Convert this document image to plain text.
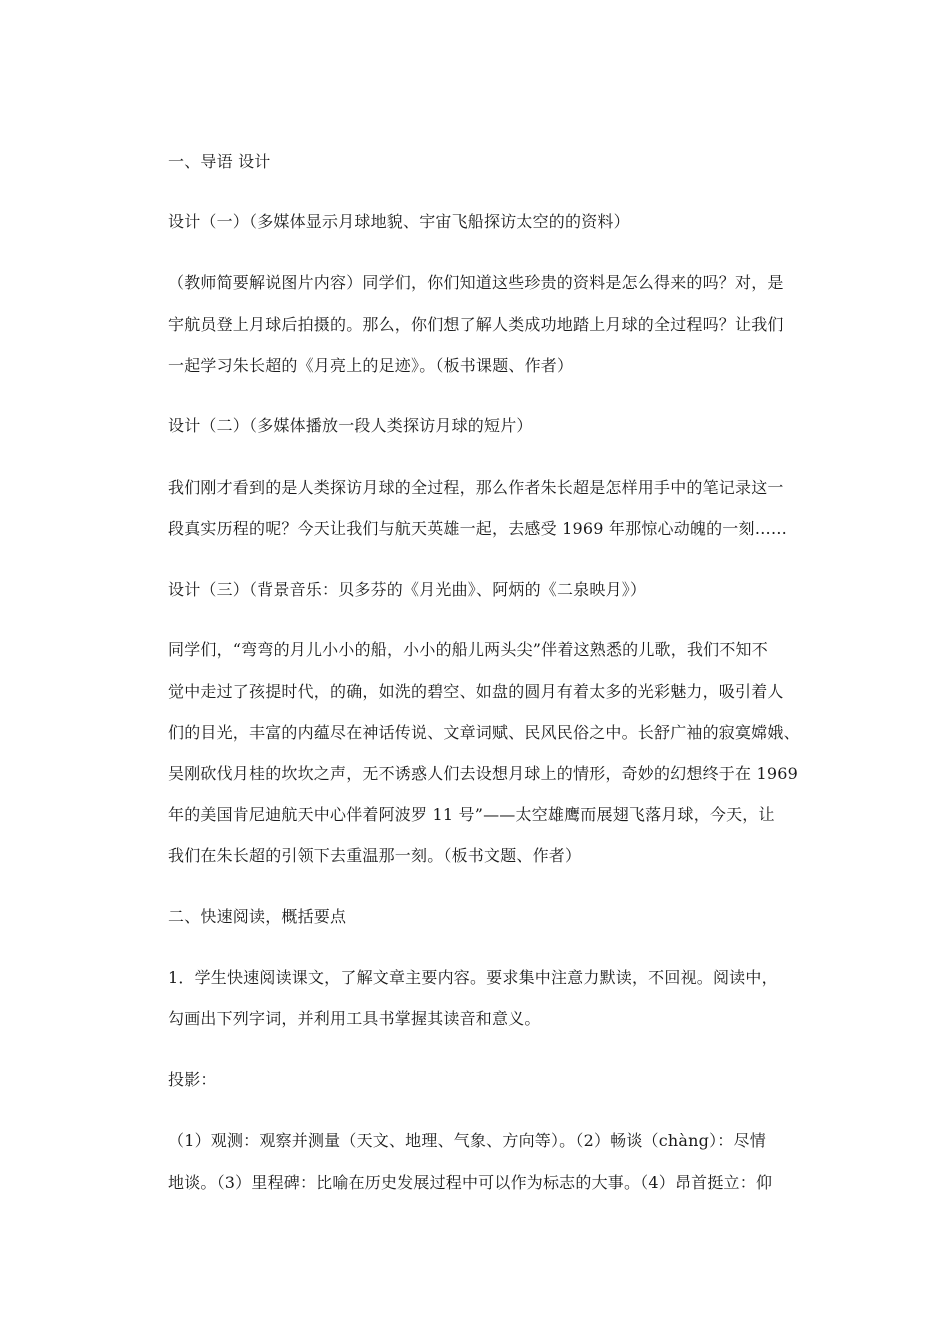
一、导语 设计
设计（一）（多媒体显示月球地貌、宇宙飞船探访太空的的资料）
（教师简要解说图片内容）同学们，你们知道这些珍贵的资料是怎么得来的吗？对，是
宇航员登上月球后拍摄的。那么，你们想了解人类成功地踏上月球的全过程吗？让我们
一起学习朱长超的《月亮上的足迹》。（板书课题、作者）
设计（二）（多媒体播放一段人类探访月球的短片）
我们刚才看到的是人类探访月球的全过程，那么作者朱长超是怎样用手中的笔记录这一
段真实历程的呢？今天让我们与航天英雄一起，去感受 1969 年那惊心动魄的一刻……
设计（三）（背景音乐：贝多芬的《月光曲》、阿炳的《二泉映月》）
同学们，“弯弯的月儿小小的船，小小的船儿两头尖”伴着这熟悉的儿歌，我们不知不
觉中走过了孩提时代，的确，如洗的碧空、如盘的圆月有着太多的光彩魅力，吸引着人
们的目光，丰富的内蕴尽在神话传说、文章词赋、民风民俗之中。长舒广袖的寂寞嫦娥、
吴刚砍伐月桂的坎坎之声，无不诱惑人们去设想月球上的情形，奇妙的幻想终于在 1969
年的美国肯尼迪航天中心伴着阿波罗 11 号”——太空雄鹰而展翅飞落月球，今天，让
我们在朱长超的引领下去重温那一刻。（板书文题、作者）
二、快速阅读，概括要点
1．学生快速阅读课文，了解文章主要内容。要求集中注意力默读，不回视。阅读中，
勾画出下列字词，并利用工具书掌握其读音和意义。
投影：
（1）观测：观察并测量（天文、地理、气象、方向等）。（2）畅谈（chàng）：尽情
地谈。（3）里程碑：比喻在历史发展过程中可以作为标志的大事。（4）昂首挺立：仰
